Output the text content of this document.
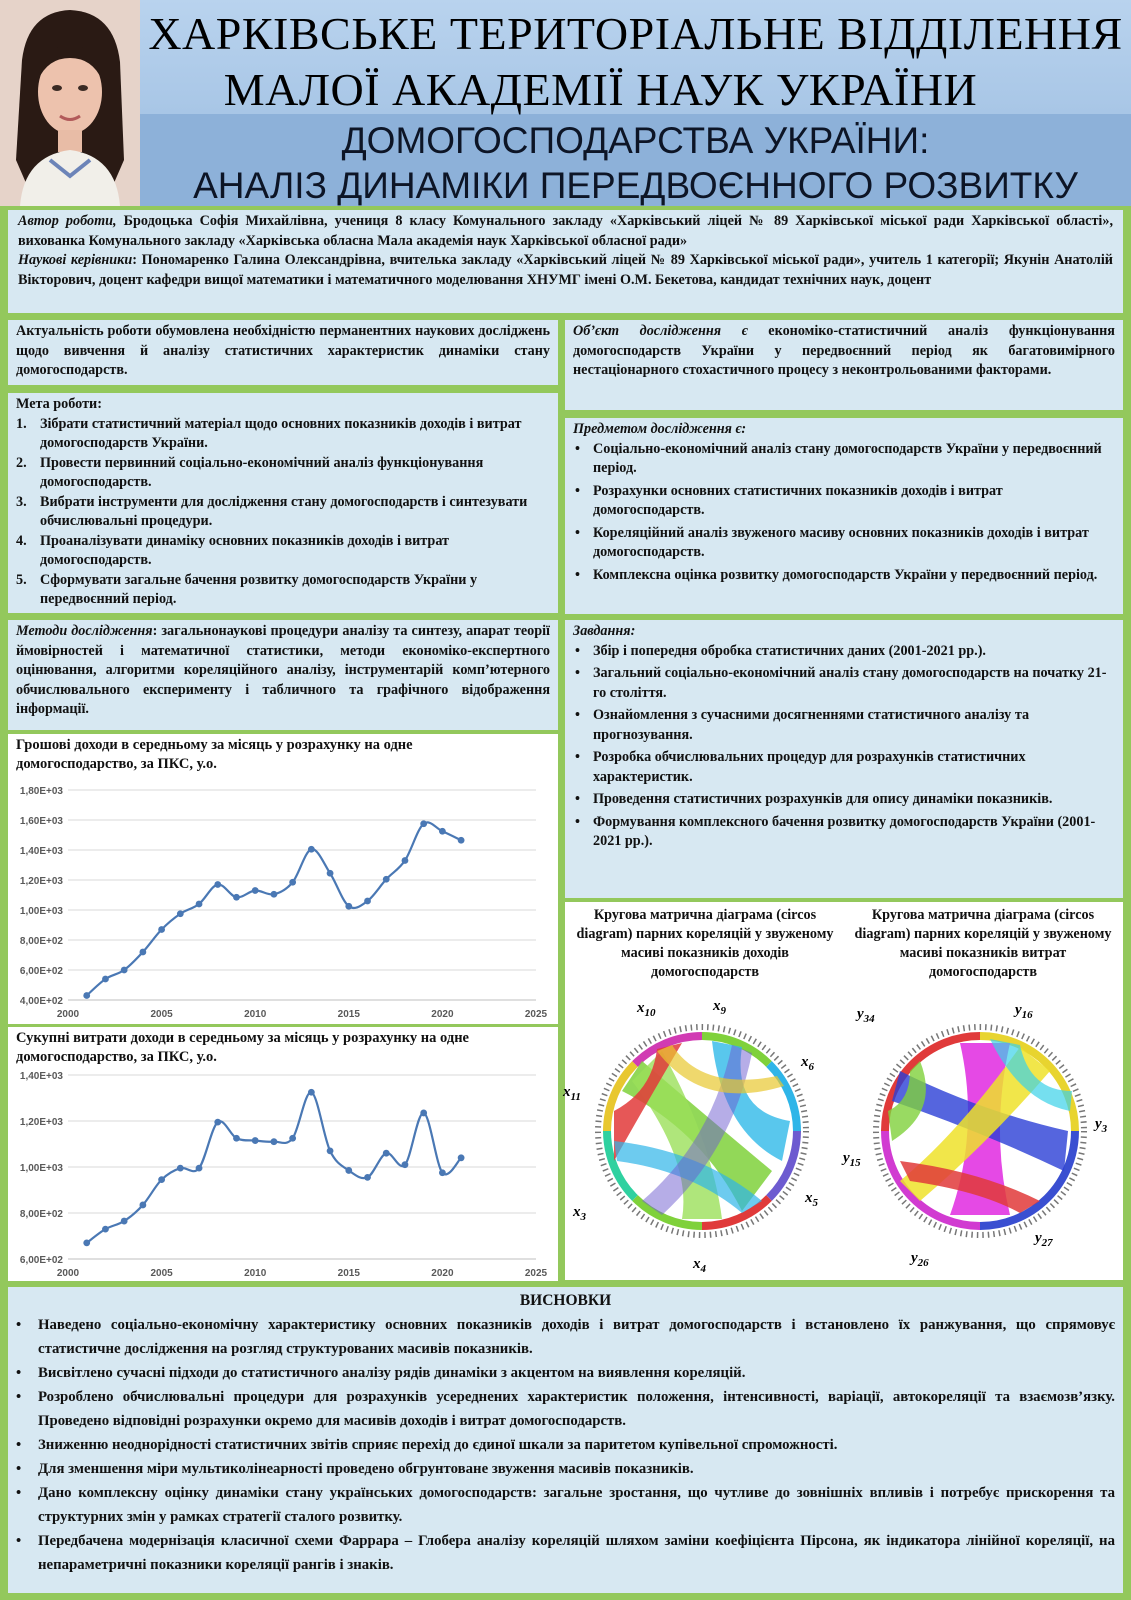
ХАРКІВСЬКЕ ТЕРИТОРІАЛЬНЕ ВІДДІЛЕННЯ
МАЛОЇ АКАДЕМІЇ НАУК УКРАЇНИ
ДОМОГОСПОДАРСТВА УКРАЇНИ:
АНАЛІЗ ДИНАМІКИ ПЕРЕДВОЄННОГО РОЗВИТКУ
Автор роботи, Бродоцька Софія Михайлівна, учениця 8 класу Комунального закладу «Харківський ліцей № 89 Харківської міської ради Харківської області», вихованка Комунального закладу «Харківська обласна Мала академія наук Харківської обласної ради»
Наукові керівники: Пономаренко Галина Олександрівна, вчителька закладу «Харківський ліцей № 89 Харківської міської ради», учитель 1 категорії; Якунін Анатолій Вікторович, доцент кафедри вищої математики і математичного моделювання ХНУМГ імені О.М. Бекетова, кандидат технічних наук, доцент
Актуальність роботи обумовлена необхідністю перманентних наукових досліджень щодо вивчення й аналізу статистичних характеристик динаміки стану домогосподарств.
Мета роботи:
1. Зібрати статистичний матеріал щодо основних показників доходів і витрат домогосподарств України.
2. Провести первинний соціально-економічний аналіз функціонування домогосподарств.
3. Вибрати інструменти для дослідження стану домогосподарств і синтезувати обчислювальні процедури.
4. Проаналізувати динаміку основних показників доходів і витрат домогосподарств.
5. Сформувати загальне бачення розвитку домогосподарств України у передвоєнний період.
Об’єкт дослідження є економіко-статистичний аналіз функціонування домогосподарств України у передвоєнний період як багатовимірного нестаціонарного стохастичного процесу з неконтрольованими факторами.
Предметом дослідження є:
• Соціально-економічний аналіз стану домогосподарств України у передвоєнний період.
• Розрахунки основних статистичних показників доходів і витрат домогосподарств.
• Кореляційний аналіз звуженого масиву основних показників доходів і витрат домогосподарств.
• Комплексна оцінка розвитку домогосподарств України у передвоєнний період.
Методи дослідження: загальнонаукові процедури аналізу та синтезу, апарат теорії ймовірностей і математичної статистики, методи економіко-експертного оцінювання, алгоритми кореляційного аналізу, інструментарій комп’ютерного обчислювального експерименту і табличного та графічного відображення інформації.
Завдання:
• Збір і попередня обробка статистичних даних (2001-2021 рр.).
• Загальний соціально-економічний аналіз стану домогосподарств на початку 21-го століття.
• Ознайомлення з сучасними досягненнями статистичного аналізу та прогнозування.
• Розробка обчислювальних процедур для розрахунків статистичних характеристик.
• Проведення статистичних розрахунків для опису динаміки показників.
• Формування комплексного бачення розвитку домогосподарств України (2001-2021 рр.).
Грошові доходи в середньому за місяць у розрахунку на одне домогосподарство, за ПКС, у.о.
4,00E+02
6,00E+02
8,00E+02
1,00E+03
1,20E+03
1,40E+03
1,60E+03
1,80E+03
2000	2005	2010	2015	2020	2025
Сукупні витрати доходи в середньому за місяць у розрахунку на одне домогосподарство, за ПКС, у.о.
6,00E+02
8,00E+02
1,00E+03
1,20E+03
1,40E+03
2000	2005	2010	2015	2020	2025
Кругова матрична діаграма (circos diagram) парних кореляцій у звуженому масиві показників доходів домогосподарств
Кругова матрична діаграма (circos diagram) парних кореляцій у звуженому масиві показників витрат домогосподарств
$x_{10}$	$x_9$
$x_6$
$x_{11}$
$x_5$
$x_3$
$x_4$
$y_{34}$
$y_{16}$
$y_{15}$
$y_3$
$y_{27}$
$y_{26}$
ВИСНОВКИ
• Наведено соціально-економічну характеристику основних показників доходів і витрат домогосподарств і встановлено їх ранжування, що спрямовує статистичне дослідження на розгляд структурованих масивів показників.
• Висвітлено сучасні підходи до статистичного аналізу рядів динаміки з акцентом на виявлення кореляцій.
• Розроблено обчислювальні процедури для розрахунків усереднених характеристик положення, інтенсивності, варіації, автокореляції та взаємозв’язку. Проведено відповідні розрахунки окремо для масивів доходів і витрат домогосподарств.
• Зниженню неоднорідності статистичних звітів сприяє перехід до єдиної шкали за паритетом купівельної спроможності.
• Для зменшення міри мультиколінеарності проведено обгрунтоване звуження масивів показників.
• Дано комплексну оцінку динаміки стану українських домогосподарств: загальне зростання, що чутливе до зовнішніх впливів і потребує прискорення та структурних змін у рамках стратегії сталого розвитку.
• Передбачена модернізація класичної схеми Фаррара – Глобера аналізу кореляцій шляхом заміни коефіцієнта Пірсона, як індикатора лінійної кореляції, на непараметричні показники кореляції рангів і знаків.
